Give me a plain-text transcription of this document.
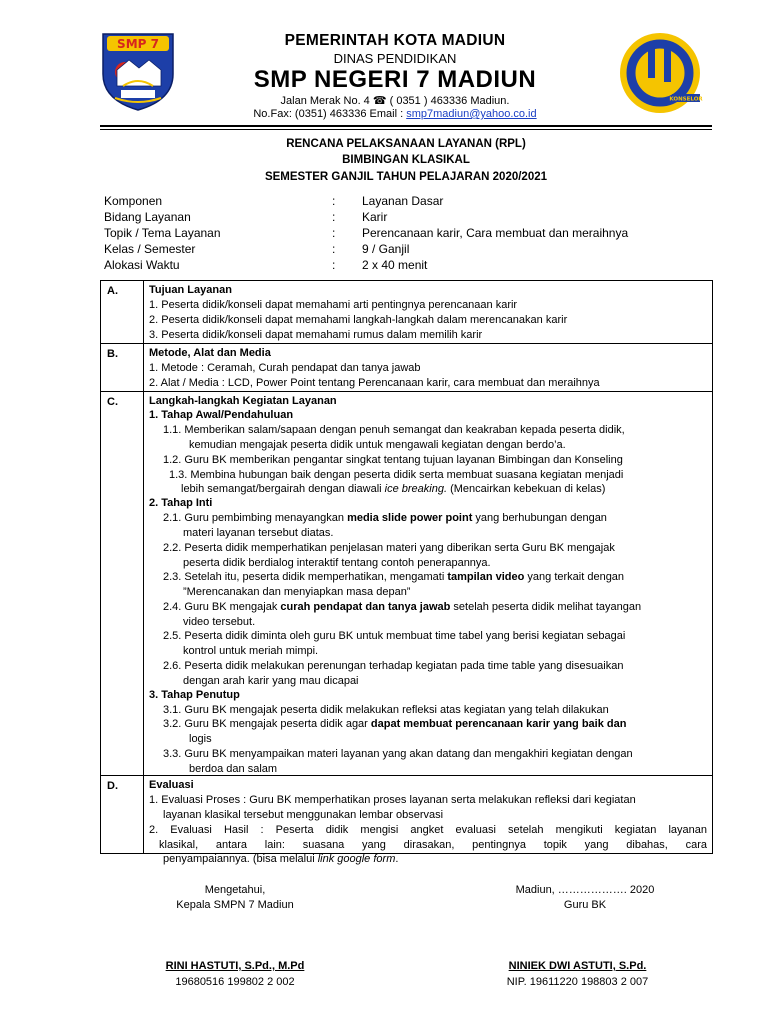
SMP 7
KONSELOR
PEMERINTAH KOTA MADIUN
DINAS PENDIDIKAN
SMP NEGERI 7 MADIUN
Jalan Merak No. 4 ☎ ( 0351 ) 463336 Madiun.
No.Fax: (0351) 463336 Email : smp7madiun@yahoo.co.id
RENCANA PELAKSANAAN LAYANAN (RPL)
BIMBINGAN KLASIKAL
SEMESTER GANJIL TAHUN PELAJARAN 2020/2021
Komponen	: Layanan Dasar
Bidang Layanan	: Karir
Topik / Tema Layanan	: Perencanaan karir, Cara membuat dan meraihnya
Kelas / Semester	: 9 / Ganjil
Alokasi Waktu	: 2 x 40 menit
A.	Tujuan Layanan
1. Peserta didik/konseli dapat memahami arti pentingnya perencanaan karir
2. Peserta didik/konseli dapat memahami langkah-langkah dalam merencanakan karir
3. Peserta didik/konseli dapat memahami rumus dalam memilih karir
B.	Metode, Alat dan Media
1. Metode : Ceramah, Curah pendapat dan tanya jawab
2. Alat / Media : LCD, Power Point tentang Perencanaan karir, cara membuat dan meraihnya
C.	Langkah-langkah Kegiatan Layanan
1. Tahap Awal/Pendahuluan
1.1. Memberikan salam/sapaan dengan penuh semangat dan keakraban kepada peserta didik,
kemudian mengajak peserta didik untuk mengawali kegiatan dengan berdo’a.
1.2. Guru BK memberikan pengantar singkat tentang tujuan layanan Bimbingan dan Konseling
1.3. Membina hubungan baik dengan peserta didik serta membuat suasana kegiatan menjadi
lebih semangat/bergairah dengan diawali ice breaking. (Mencairkan kebekuan di kelas)
2. Tahap Inti
2.1. Guru pembimbing menayangkan media slide power point yang berhubungan dengan
materi layanan tersebut diatas.
2.2. Peserta didik memperhatikan penjelasan materi yang diberikan serta Guru BK mengajak
peserta didik berdialog interaktif tentang contoh penerapannya.
2.3. Setelah itu, peserta didik memperhatikan, mengamati tampilan video yang terkait dengan
”Merencanakan dan menyiapkan masa depan”
2.4. Guru BK mengajak curah pendapat dan tanya jawab setelah peserta didik melihat tayangan
video tersebut.
2.5. Peserta didik diminta oleh guru BK untuk membuat time tabel yang berisi kegiatan sebagai
kontrol untuk meriah mimpi.
2.6. Peserta didik melakukan perenungan terhadap kegiatan pada time table yang disesuaikan
dengan arah karir yang mau dicapai
3. Tahap Penutup
3.1. Guru BK mengajak peserta didik melakukan refleksi atas kegiatan yang telah dilakukan
3.2. Guru BK mengajak peserta didik agar dapat membuat perencanaan karir yang baik dan
logis
3.3. Guru BK menyampaikan materi layanan yang akan datang dan mengakhiri kegiatan dengan
berdoa dan salam
D.	Evaluasi
1. Evaluasi Proses : Guru BK memperhatikan proses layanan serta melakukan refleksi dari kegiatan
layanan klasikal tersebut menggunakan lembar observasi
2. Evaluasi Hasil : Peserta didik mengisi angket evaluasi setelah mengikuti kegiatan layanan
klasikal, antara lain: suasana yang dirasakan, pentingnya topik yang dibahas, cara
penyampaiannya. (bisa melalui link google form.
Mengetahui,
Kepala SMPN 7 Madiun
RINI HASTUTI, S.Pd., M.Pd
19680516 199802 2 002
Madiun, ………………. 2020
Guru BK
NINIEK DWI ASTUTI, S.Pd.
NIP. 19611220 198803 2 007
